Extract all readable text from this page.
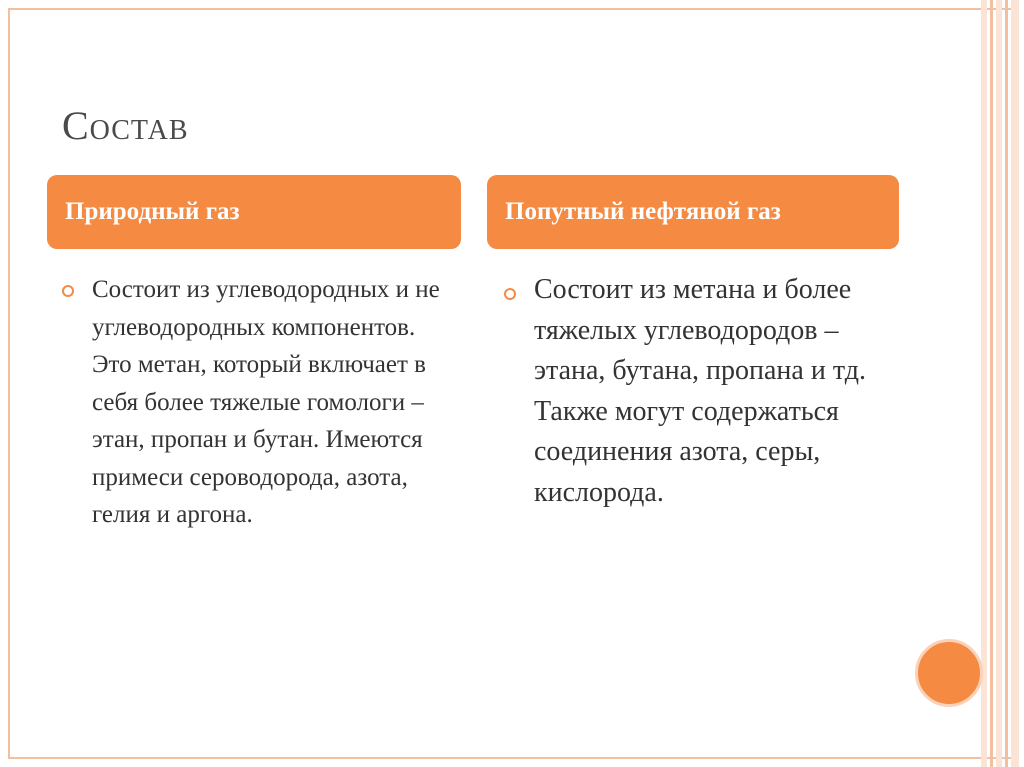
Состав
Природный газ	Попутный нефтяной газ
Состоит из углеводородных и не углеводородных компонентов. Это метан, который включает в себя более тяжелые гомологи – этан, пропан и бутан. Имеются примеси сероводорода, азота, гелия и аргона.
Состоит из метана и более тяжелых углеводородов – этана, бутана, пропана и тд. Также могут содержаться соединения азота, серы, кислорода.
